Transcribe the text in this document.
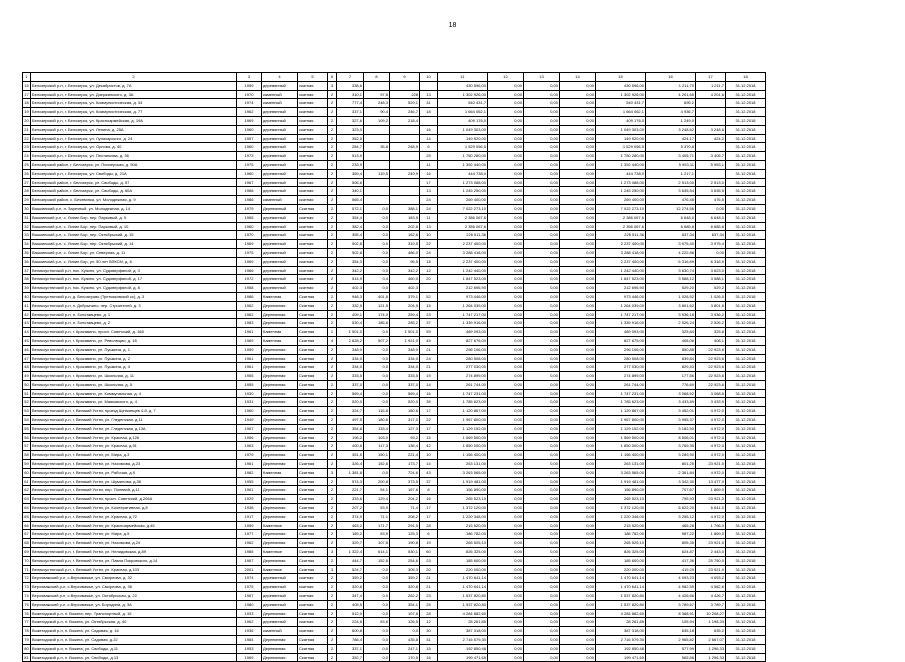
18
1	2	3	4	5	6	7	8	9	10	11	12	13	14	15	16	17	18
15	Белозерский р-н, г. Белозерск, ул. Декабристов, д. 7А	1959	деревянный	скатная	3	338,6				430 596,00	0,00	0,00	0,00	430 596,00	1 211,70	1 211,7	31.12.2018
17	Белозерский р-н, г. Белозерск, ул. Дзержинского, д. 3А	1970	каменный	скатная	2	310,1	97,8	228	13	1 302 926,00	0,00	0,00	0,00	1 302 926,00	4 201,65	4 201,6	31.12.2018
18	Белозерский р-н, г. Белозерск, ул. Коммунистическая, д. 34	1974	каменный	скатная	2	777,4	248,3	529,1	31	540 431,7	0,00	0,00	0,00	540 431,7	695,2		31.12.2018
19	Белозерский р-н, г. Белозерск, ул. Коммунистическая, д. 77	1962	деревянный	скатная	2	337,1	90,4	246,7	18	1 664 062,1	0,00	0,00	0,00	1 664 062,1	4 936,7		31.12.2018
20	Белозерский р-н, г. Белозерск, ул. Красноармейская, д. 19А	1969	деревянный	скатная	2	327,6	109,2	218,4		409 176,0	0,00	0,00	0,00	409 176,0	1 249,0		31.12.2018
21	Белозерский р-н, г. Белозерск, ул. Ленина, д. 25А	1960	деревянный	скатная	2	323,0			16	1 049 303,00	0,00	0,00	0,00	1 049 303,00	3 248,62	3 248,6	31.12.2018
22	Белозерский р-н, г. Белозерск, ул. Луначарского, д. 24	1957	деревянный	скатная	2	352,5			14	149 520,00	0,00	0,00	0,00	149 520,00	424,17	424,2	31.12.2018
23	Белозерский р-н, г. Белозерск, ул. Орлова, д. 40	1960	деревянный	скатная	2	284,7	35,8	248,9	6	1 529 056,5	0,00	0,00	0,00	1 529 056,5	5 370,8		31.12.2018
24	Белозерский р-н, г. Белозерск, ул. Пестанкова, д. 36	1973	деревянный	скатная	2	513,9			25	1 750 280,00	0,00	0,00	0,00	1 750 280,00	3 405,71	3 405,7	31.12.2018
25	Белозерский район, г. Белозерск, ул. Пионерская, д. 50А	1975	деревянный	скатная	2	233,9			11	1 392 440,00	0,00	0,00	0,00	1 392 440,00	5 953,11	5 953,1	31.12.2018
26	Белозерский р-н, г. Белозерск, ул. Свободы, д. 21А	1960	деревянный	скатная	2	369,4	119,5	249,9	16	444 738,0	0,00	0,00	0,00	444 738,0	1 217,1		31.12.2018
27	Белозерский район, г. Белозерск, ул. Свободы, д. 57	1967	деревянный	скатная	2	506,6			17	1 273 088,00	0,00	0,00	0,00	1 273 088,00	2 513,00	2 513,0	31.12.2018
28	Белозерский район, г. Белозерск, ул. Свободы, д. 60А	1968	деревянный	скатная	2	340,1			13	1 245 250,00	0,00	0,00	0,00	1 245 250,00	3 635,54	3 635,5	31.12.2018
29	Белозерский район, с. Бечевинка, ул. Молодежная, д. 9	1986	каменный	скатная	2	565,4			24	269 400,00	0,00	0,00	0,00	269 400,00	476,48	476,5	31.12.2018
30	Вашкинский р-н, п. Заречный, ул. Молодежная, д. 14	1979	Деревянный	Скатная	2	572,1	0,0	388,1	24	7 022 273,10	0,00	0,00	0,00	7 022 273,10	12 274,56	0,00	31.12.2018
31	Вашкинский р-н, с. Липин Бор, пер. Парковый, д. 9	1965	деревянный	скатная	2	354,4	0,0	183,5	11	2 386 067,6	0,00	0,00	0,00	2 386 067,6	6 648,0	6 648,0	31.12.2018
32	Вашкинский р-н, с. Липин Бор, пер. Парковый, д. 10	1960	деревянный	скатная	2	382,4	0,0	202,6	13	2 356 067,6	0,00	0,00	0,00	2 356 067,6	6 685,8	6 685,8	31.12.2018
33	Вашкинский р-н, с. Липин Бор, пер. Октябрьский, д. 15	1970	деревянный	скатная	2	355,4	0,0	162,6	10	226 511,36	0,00	0,00	0,00	226 511,36	637,34	637,34	31.12.2018
34	Вашкинский р-н, с. Липин Бор, пер. Октябрьский, д. 14	1969	деревянный	скатная	2	502,8	0,0	319,5	22	2 237 400,00	0,00	0,00	0,00	2 237 400,00	3 975,40	3 975,4	31.12.2018
35	Вашкинский р-н, с. Липин Бор, ул. Северная, д. 11	1975	деревянный	скатная	2	502,8	0,0	486,0	24	3 288 418,00	0,00	0,00	0,00	3 288 418,00	4 222,86	0,00	31.12.2018
36	Вашкинский р-н, с. Липин Бор, ул. 50 лет ВЛКСМ, д. 6	1969	деревянный	скатная	2	354,3	0,0	95,5	18	2 237 400,00	0,00	0,00	0,00	2 237 400,00	6 316,89	6 316,9	31.12.2018
37	Великоустюгский р-н, пос. Кузино, ул. Судоверфяной, д. 3	1966	деревянный	скатная	2	342,2	0,0	342,2	12	1 242 440,00	0,00	0,00	0,00	1 242 440,00	3 630,74	3 623,0	31.12.2018
38	Великоустюгский р-н, пос. Кузино, ул. Судоверфяной, д. 17	1972	деревянный	скатная	2	514,9	0,4	460,0	20	1 847 523,00	0,00	0,00	0,00	1 847 523,00	3 588,12	3 588,1	31.12.2018
39	Великоустюгский р-н, пос. Кузино, ул. Судоверфяной, д. 8	1958	деревянный	скатная	2	402,3	0,0	402,3		212 696,90	0,00	0,00	0,00	212 696,90	529,20	529,2	31.12.2018
40	Великоустюгский р-н, д. Белозерово (Третьяковский сс), д. 3	1986	Каменная	Скатная	2	948,3	401,6	379,1	52	973 446,00	0,00	0,00	0,00	973 446,00	1 026,52	1 026,5	31.12.2018
41	Великоустюгский р-н, п. Добрынино, пер. Строителей, д. 3	1962	Деревянная	Скатная	2	332,5	121,5	204,5	15	1 264 039,00	0,00	0,00	0,00	1 264 039,00	3 801,62	3 801,6	31.12.2018
42	Великоустюгский р-н, п. Золотавцево, д. 1	1962	Деревянная	Скатная	2	409,1	174,0	259,4	23	1 747 217,00	0,00	0,00	0,00	1 747 217,00	3 936,18	3 936,2	31.12.2018
43	Великоустюгский р-н, п. Золотавцево, д. 2	1983	Деревянная	Скатная	2	530,4	185,6	285,2	37	1 339 916,00	0,00	0,00	0,00	1 339 916,00	2 526,24	2 526,2	31.12.2018
44	Великоустюгский р-н, г. Красавино, просп. Советский, д. 168	1961	Каменная	Скатная	1	1 501,0	0,0	1 501,0	59	489 093,00	0,00	0,00	0,00	489 093,00	325,84	325,8	31.12.2018
45	Великоустюгский р-н, г. Красавино, ул. Революции, д. 18	1969	Каменная	Скатная	4	2 628,2	507,2	1 921,0	49	827 675,00	0,00	0,00	0,00	827 675,00	408,06	408,1	31.12.2018
46	Великоустюгский р-н, г. Красавино, ул. Пушкина, д. 1	1959	Деревянная	Скатная	2	348,0	0,0	348,0	21	296 106,00	0,00	0,00	0,00	296 106,00	850,88	22 923,6	31.12.2018
47	Великоустюгский р-н, г. Красавино, ул. Пушкина, д. 2	1961	Деревянная	Скатная	2	334,0	0,0	334,0	24	280 508,00	0,00	0,00	0,00	280 508,00	839,84	22 923,6	31.12.2018
48	Великоустюгский р-н, г. Красавино, ул. Пушкина, д. 4	1961	Деревянная	Скатная	2	334,0	0,0	334,0	21	277 030,00	0,00	0,00	0,00	277 030,00	829,43	22 923,6	31.12.2018
49	Великоустюгский р-н, г. Красавино, ул. Школьная, д. 11	1955	Деревянная	Скатная	2	333,5	0,0	333,5	19	274 899,00	0,00	0,00	0,00	274 899,00	177,56	22 923,6	31.12.2018
50	Великоустюгский р-н, г. Красавино, ул. Школьная, д. 5	1955	Деревянная	Скатная	2	337,0	0,0	337,0	14	261 744,00	0,00	0,00	0,00	261 744,00	776,69	22 923,6	31.12.2018
51	Великоустюгский р-н, г. Красавино, ул. Коммунальная, д. 4	1930	Деревянная	Скатная	2	569,4	0,0	569,4	16	1 747 231,00	0,00	0,00	0,00	1 747 231,00	3 068,52	3 068,5	31.12.2018
52	Великоустюгский р-н, г. Красавино, ул. Маяковского, д. 4	1931	Деревянная	Скатная	2	520,0	0,0	520,0	35	1 785 623,00	0,00	0,00	0,00	1 785 623,00	3 433,89	3 433,9	31.12.2018
53	Великоустюгский р-н, г. Великий Устюг, проезд Щепкинцев 4-й, д. 7	1960	Деревянная	Скатная	2	324,7	116,8	180,6	17	1 120 867,00	0,00	0,00	0,00	1 120 867,00	3 452,01	4 972,0	31.12.2018
54	Великоустюгский р-н, г. Великий Устюг, ул. Гледенская, д.11	1949	Деревянная	Скатная	2	497,5	180,6	317,0	22	1 967 800,00	0,00	0,00	0,00	1 967 800,00	3 955,37	4 972,0	31.12.2018
55	Великоустюгский р-н, г. Великий Устюг, ул. Гледенская, д.13А	1967	Деревянная	Скатная	2	354,8	133,4	127,3	17	1 129 152,00	0,00	0,00	0,00	1 129 152,00	3 182,50	4 972,0	31.12.2018
56	Великоустюгский р-н, г. Великий Устюг, ул. Красная, д.126	1956	Деревянная	Скатная	2	196,2	103,0	93,2	15	1 569 500,00	0,00	0,00	0,00	1 569 500,00	8 606,01	4 972,0	31.12.2018
57	Великоустюгский р-н, г. Великий Устюг, ул. Красная, д.91	1963	Деревянная	Скатная	2	400,8	117,3	136,4	42	1 850 000,00	0,00	0,00	0,00	1 850 000,00	3 769,35	4 972,0	31.12.2018
58	Великоустюгский р-н, г. Великий Устюг, ул. Мира, д.3	1979	Деревянная	Скатная	2	351,5	150,1	221,4	10	1 156 400,00	0,00	0,00	0,00	1 156 400,00	3 289,90	4 972,0	31.12.2018
59	Великоустюгский р-н, г. Великий Устюг, ул. Нахимова, д.23	1961	Деревянная	Скатная	2	326,4	152,6	173,7	14	263 131,00	0,00	0,00	0,00	263 131,00	801,25	23 921,0	31.12.2018
60	Великоустюгский р-н, г. Великий Устюг, ул. Рабочая, д.9	1982	Каменная	Скатная	3	1 381,8	0,0	724,6	43	3 263 565,00	0,00	0,00	0,00	3 263 565,00	2 361,84	4 972,0	31.12.2018
61	Великоустюгский р-н, г. Великий Устюг, ул. Шумилова, д.36	1955	Деревянная	Скатная	2	574,3	200,8	373,5	37	1 919 481,00	0,00	0,00	0,00	1 919 481,00	3 342,30	13 477,0	31.12.2018
62	Великоустюгский р-н, г. Великий Устюг, пер. Полевой, д.11	1961	Деревянная	Скатная	2	221,7	54,1	167,6	8	156 890,00	0,00	0,00	0,00	156 890,00	707,67	1 869,0	31.12.2018
63	Великоустюгский р-н, г. Великий Устюг, просп. Советский, д.206А	1929	Деревянная	Скатная	2	333,6	129,4	204,2	16	265 523,10	0,00	0,00	0,00	265 523,10	795,93	23 921,0	31.12.2018
64	Великоустюгский р-н, г. Великий Устюг, ул. Кооперативная, д.8	1938	Деревянная	Скатная	2	207,2	53,9	71,4	17	1 372 120,00	0,00	0,00	0,00	1 372 120,00	6 622,20	6 641,0	31.12.2018
65	Великоустюгский р-н, г. Великий Устюг, ул. Красная, д.72	1917	Деревянная	Скатная	2	374,9	71,1	208,2	17	1 220 348,00	0,00	0,00	0,00	1 220 348,00	3 255,12	4 972,0	31.12.2018
66	Великоустюгский р-н, г. Великий Устюг, ул. Красноармейская, д.45	1959	Каменные	Скатная	2	463,2	171,7	291,5	28	215 520,00	0,00	0,00	0,00	215 520,00	465,28	1 796,0	31.12.2018
67	Великоустюгский р-н, г. Великий Устюг, ул. Мира, д.5	1977	Деревянная	Скатная	2	189,2	63,9	125,3	6	186 782,00	0,00	0,00	0,00	186 782,00	987,22	1 869,0	31.12.2018
68	Великоустюгский р-н, г. Великий Устюг, ул. Нахимова, д.24	1962	Деревянная	Скатная	2	329,7	107,8	190,8	19	265 525,10	0,00	0,00	0,00	265 525,10	805,35	23 921,0	31.12.2018
69	Великоустюгский р-н, г. Великий Устюг, ул. Нелидовская, д.89	1985	Каменные	Скатная	3	1 322,4	614,1	530,1	60	826 325,00	0,00	0,00	0,00	826 325,00	624,87	2 443,0	31.12.2018
70	Великоустюгский р-н, г. Великий Устюг, ул. Павла Покровского, д.14	1967	Деревянная	Скатная	2	444,7	152,6	254,6	23	185 600,00	0,00	0,00	0,00	185 600,00	417,36	25 750,0	31.12.2018
71	Великоустюгский р-н, г. Великий Устюг, ул. Красная, д.103	2001	Каменные	Скатная	3	524,7	0,0	305,3	20	220 000,00	0,00	0,00	0,00	220 000,00	419,29	23 921,0	31.12.2018
72	Верховажский р-н, с.Верховажье, ул. Смирнова, д. 32	1974	деревянный	скатная	2	359,2	0,0	359,2	21	1 470 641,14	0,00	0,00	0,00	1 470 641,14	4 093,23	4 093,2	31.12.2018
73	Верховажский р-н, с.Верховажье, ул. Смирнова, д. 36	1975	деревянный	скатная	2	320,8	0,0	320,8	21	1 470 641,14	0,00	0,00	0,00	1 470 641,14	4 582,55	4 582,6	31.12.2018
74	Верховажский р-н, с.Верховажье, ул. Октябрьская, д. 22	1967	деревянный	скатная	2	347,4	0,0	262,2	23	1 537 820,80	0,00	0,00	0,00	1 537 820,80	4 426,66	4 426,7	31.12.2018
75	Верховажский р-н, с.Верховажье, ул. Бородина, д. 3А	1980	деревянный	скатная	2	405,5	0,0	354,1	25	1 537 820,80	0,00	0,00	0,00	1 537 820,80	3 789,67	3 789,7	31.12.2018
76	Вожегодский р-н, п. Вожега, пер. Транспортный, д. 15	1933	Деревянная	Скатная	2	512,0	0,0	107,8	28	4 284 882,60	0,00	0,00	0,00	4 284 882,60	8 368,91	10 208,27	31.12.2018
77	Вожегодский р-н, п. Вожега, ул. Октябрьская, д. 40	1962	деревянный	скатная	2	224,8	63,6	126,5	12	28 261,85	0,00	0,00	0,00	28 261,85	105,94	1 198,33	31.12.2018
78	Вожегодский р-н, п. Вожега, ул. Садовая, д. 16	1936	каменный	скатная	2	600,8	0,0	0,0	30	387 318,00	0,00	0,00	0,00	387 318,00	635,18	635,2	31.12.2018
79	Вожегодский р-н, п. Вожега, ул. Садовая, д.22	1984	Деревянная	Скатная	2	786,4	0,0	435,8	31	2 716 579,30	0,00	0,00	0,00	2 716 579,30	2 965,82	2 667,07	31.12.2018
80	Вожегодский р-н, п. Вожега, ул. Свободы, д.11	1953	Деревянная	Скатная	2	337,1	0,0	247,1	15	192 850,48	0,00	0,00	0,00	192 850,48	577,99	1 296,33	31.12.2018
81	Вожегодский р-н, п. Вожега, ул. Свободы, д.13	1969	Деревянная	Скатная	2	352,7	0,0	170,5	16	199 471,65	0,00	0,00	0,00	199 471,65	565,56	1 296,33	31.12.2018
